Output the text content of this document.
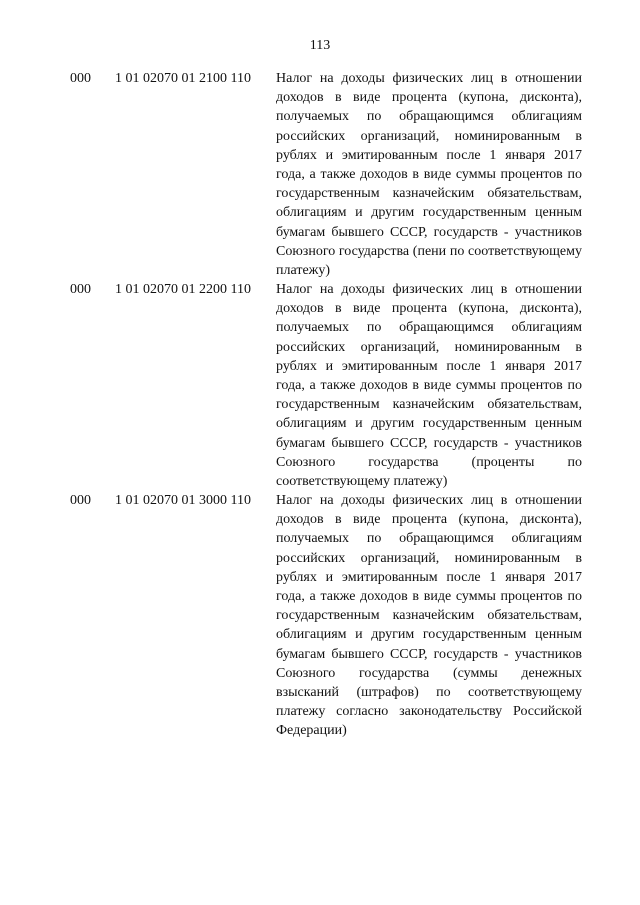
113
000 1 01 02070 01 2100 110 Налог на доходы физических лиц в отношении доходов в виде процента (купона, дисконта), получаемых по обращающимся облигациям российских организаций, номинированным в рублях и эмитированным после 1 января 2017 года, а также доходов в виде суммы процентов по государственным казначейским обязательствам, облигациям и другим государственным ценным бумагам бывшего СССР, государств - участников Союзного государства (пени по соответствующему платежу)
000 1 01 02070 01 2200 110 Налог на доходы физических лиц в отношении доходов в виде процента (купона, дисконта), получаемых по обращающимся облигациям российских организаций, номинированным в рублях и эмитированным после 1 января 2017 года, а также доходов в виде суммы процентов по государственным казначейским обязательствам, облигациям и другим государственным ценным бумагам бывшего СССР, государств - участников Союзного государства (проценты по соответствующему платежу)
000 1 01 02070 01 3000 110 Налог на доходы физических лиц в отношении доходов в виде процента (купона, дисконта), получаемых по обращающимся облигациям российских организаций, номинированным в рублях и эмитированным после 1 января 2017 года, а также доходов в виде суммы процентов по государственным казначейским обязательствам, облигациям и другим государственным ценным бумагам бывшего СССР, государств - участников Союзного государства (суммы денежных взысканий (штрафов) по соответствующему платежу согласно законодательству Российской Федерации)
